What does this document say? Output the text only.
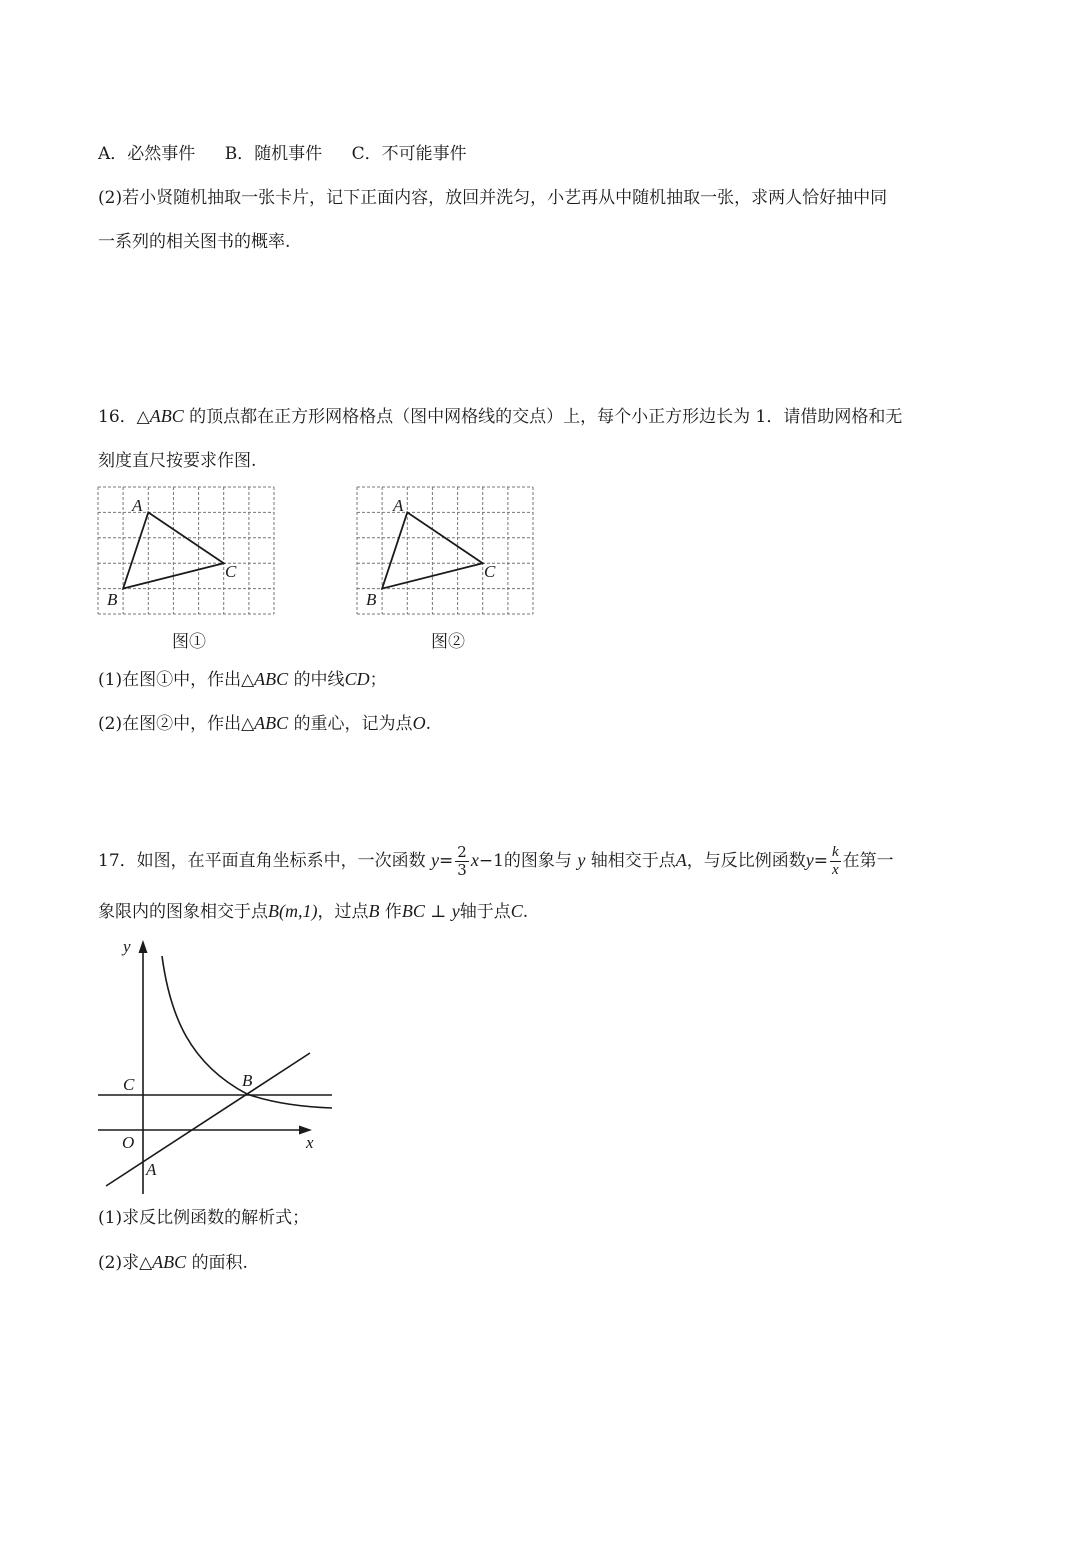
A．必然事件 B．随机事件 C．不可能事件
(2)若小贤随机抽取一张卡片，记下正面内容，放回并洗匀，小艺再从中随机抽取一张，求两人恰好抽中同
一系列的相关图书的概率.
16．△ABC 的顶点都在正方形网格格点（图中网格线的交点）上，每个小正方形边长为 1．请借助网格和无
刻度直尺按要求作图.
A
B
C
A
B
C
图①	图②
(1)在图①中，作出△ABC 的中线CD；
(2)在图②中，作出△ABC 的重心，记为点O.
17．如图，在平面直角坐标系中，一次函数 $y= \frac{2}{3} x-1$的图象与 y 轴相交于点A，与反比例函数$y= \frac{k}{x}$ 在第一
象限内的图象相交于点B(m,1)，过点B 作BC ⊥ y轴于点C.
y
x
O
A
B
C
(1)求反比例函数的解析式；
(2)求△ABC 的面积.
